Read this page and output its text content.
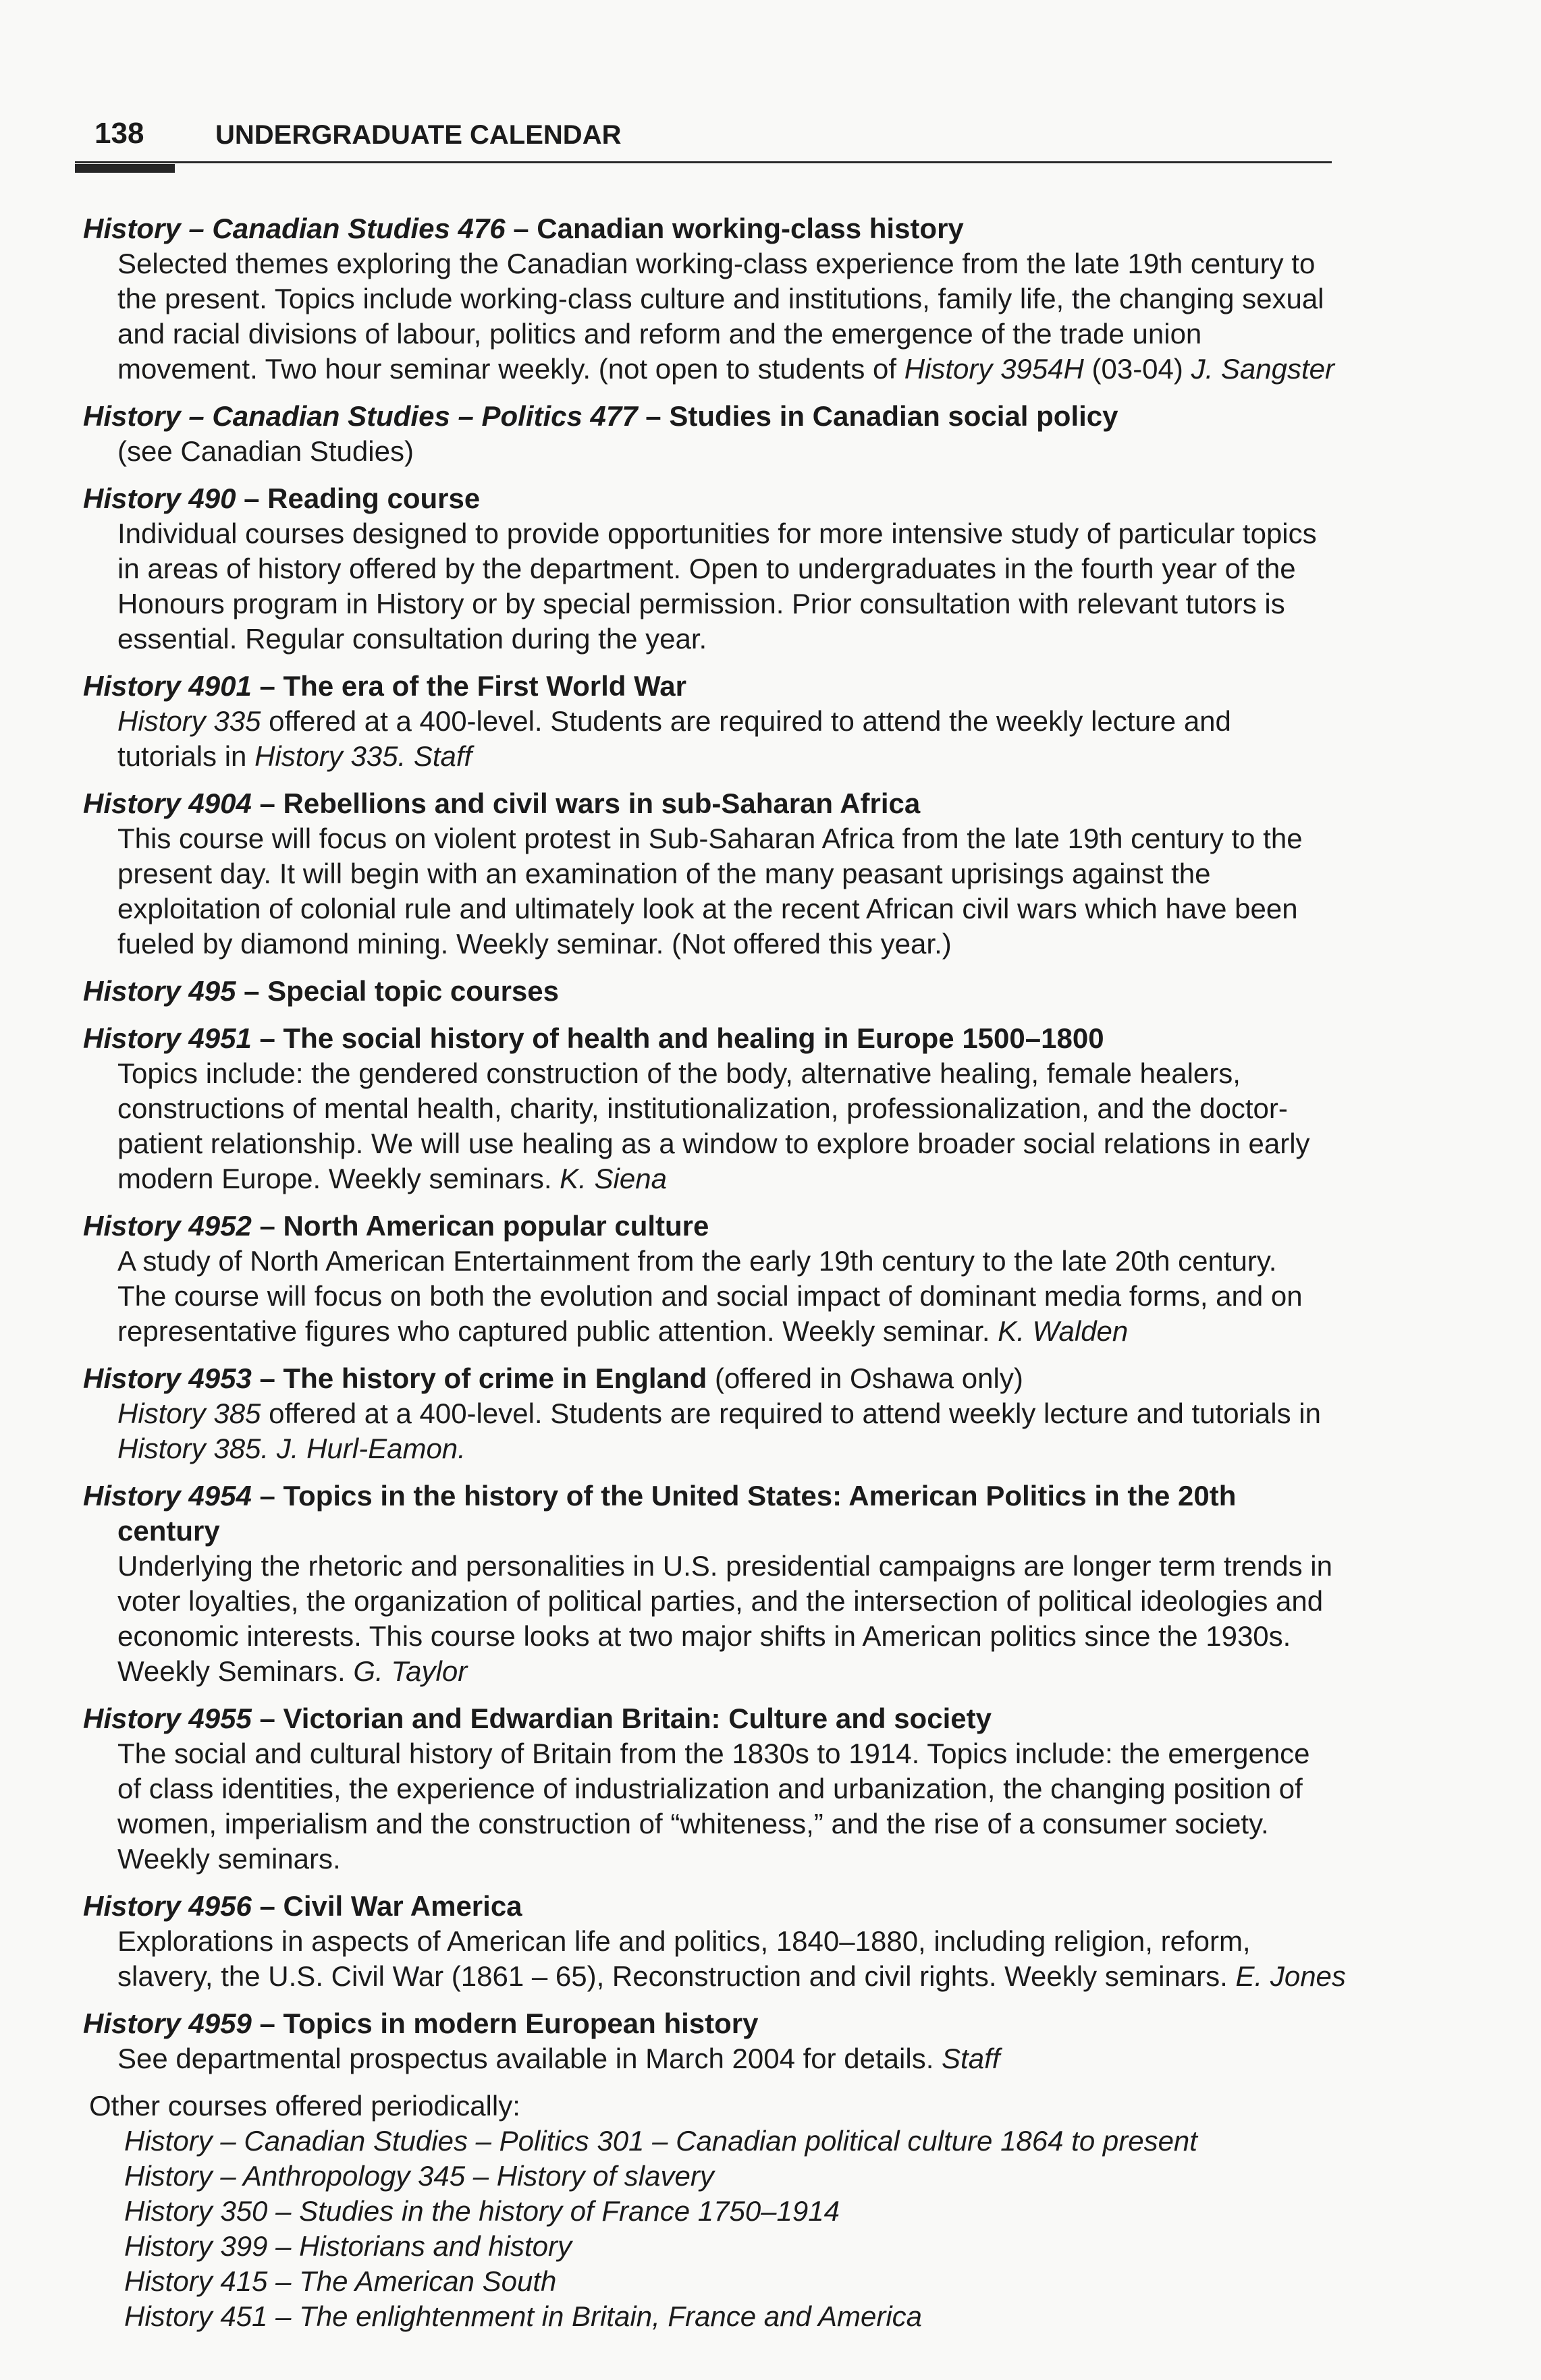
138	UNDERGRADUATE CALENDAR
History – Canadian Studies 476 – Canadian working-class history
Selected themes exploring the Canadian working-class experience from the late 19th century to
the present. Topics include working-class culture and institutions, family life, the changing sexual
and racial divisions of labour, politics and reform and the emergence of the trade union
movement. Two hour seminar weekly. (not open to students of History 3954H (03-04) J. Sangster
History – Canadian Studies – Politics 477 – Studies in Canadian social policy
(see Canadian Studies)
History 490 – Reading course
Individual courses designed to provide opportunities for more intensive study of particular topics
in areas of history offered by the department. Open to undergraduates in the fourth year of the
Honours program in History or by special permission. Prior consultation with relevant tutors is
essential. Regular consultation during the year.
History 4901 – The era of the First World War
History 335 offered at a 400-level. Students are required to attend the weekly lecture and
tutorials in History 335. Staff
History 4904 – Rebellions and civil wars in sub-Saharan Africa
This course will focus on violent protest in Sub-Saharan Africa from the late 19th century to the
present day. It will begin with an examination of the many peasant uprisings against the
exploitation of colonial rule and ultimately look at the recent African civil wars which have been
fueled by diamond mining. Weekly seminar. (Not offered this year.)
History 495 – Special topic courses
History 4951 – The social history of health and healing in Europe 1500–1800
Topics include: the gendered construction of the body, alternative healing, female healers,
constructions of mental health, charity, institutionalization, professionalization, and the doctor-
patient relationship. We will use healing as a window to explore broader social relations in early
modern Europe. Weekly seminars. K. Siena
History 4952 – North American popular culture
A study of North American Entertainment from the early 19th century to the late 20th century.
The course will focus on both the evolution and social impact of dominant media forms, and on
representative figures who captured public attention. Weekly seminar. K. Walden
History 4953 – The history of crime in England (offered in Oshawa only)
History 385 offered at a 400-level. Students are required to attend weekly lecture and tutorials in
History 385. J. Hurl-Eamon.
History 4954 – Topics in the history of the United States: American Politics in the 20th
century
Underlying the rhetoric and personalities in U.S. presidential campaigns are longer term trends in
voter loyalties, the organization of political parties, and the intersection of political ideologies and
economic interests. This course looks at two major shifts in American politics since the 1930s.
Weekly Seminars. G. Taylor
History 4955 – Victorian and Edwardian Britain: Culture and society
The social and cultural history of Britain from the 1830s to 1914. Topics include: the emergence
of class identities, the experience of industrialization and urbanization, the changing position of
women, imperialism and the construction of “whiteness,” and the rise of a consumer society.
Weekly seminars.
History 4956 – Civil War America
Explorations in aspects of American life and politics, 1840–1880, including religion, reform,
slavery, the U.S. Civil War (1861 – 65), Reconstruction and civil rights. Weekly seminars. E. Jones
History 4959 – Topics in modern European history
See departmental prospectus available in March 2004 for details. Staff
Other courses offered periodically:
History – Canadian Studies – Politics 301 – Canadian political culture 1864 to present
History – Anthropology 345 – History of slavery
History 350 – Studies in the history of France 1750–1914
History 399 – Historians and history
History 415 – The American South
History 451 – The enlightenment in Britain, France and America
